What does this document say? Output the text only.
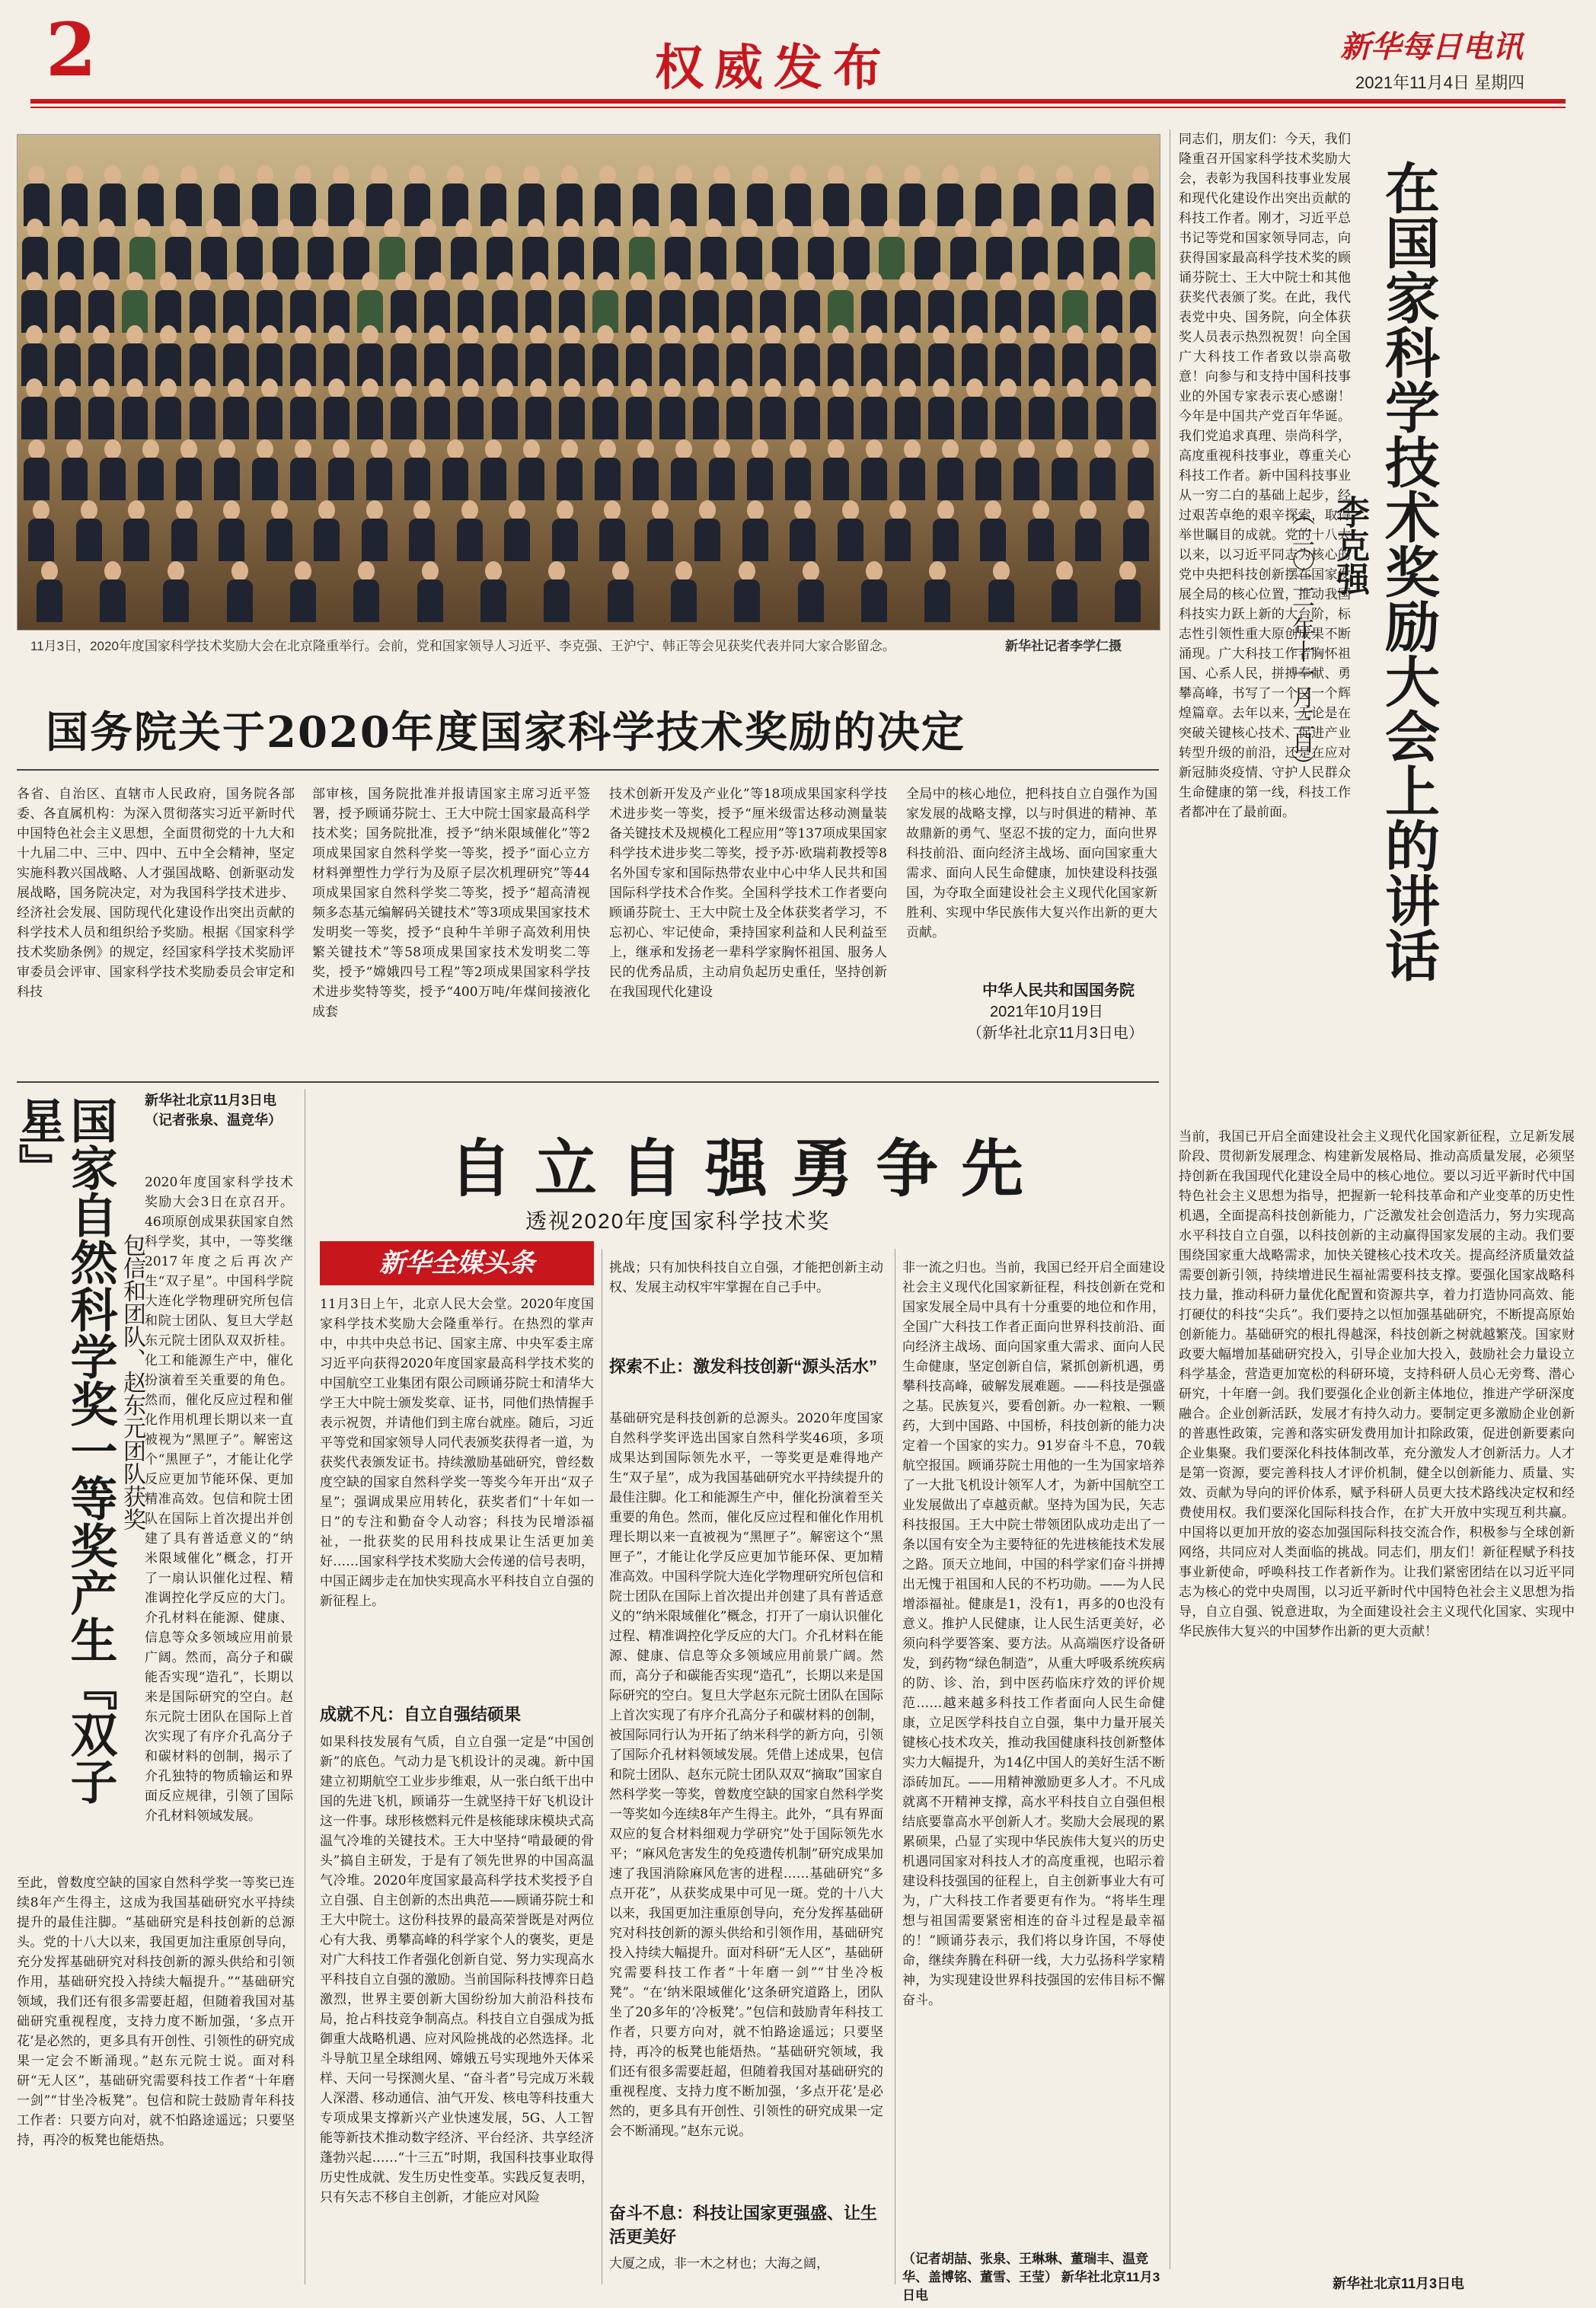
2	权威发布	新华每日电讯
2021年11月4日 星期四
11月3日，2020年度国家科学技术奖励大会在北京隆重举行。会前，党和国家领导人习近平、李克强、王沪宁、韩正等会见获奖代表并同大家合影留念。	新华社记者李学仁摄
同志们，朋友们：今天，我们隆重召开国家科学技术奖励大会，表彰为我国科技事业发展和现代化建设作出突出贡献的科技工作者。刚才，习近平总书记等党和国家领导同志，向获得国家最高科学技术奖的顾诵芬院士、王大中院士和其他获奖代表颁了奖。在此，我代表党中央、国务院，向全体获奖人员表示热烈祝贺！向全国广大科技工作者致以崇高敬意！向参与和支持中国科技事业的外国专家表示衷心感谢！今年是中国共产党百年华诞。我们党追求真理、崇尚科学，高度重视科技事业，尊重关心科技工作者。新中国科技事业从一穷二白的基础上起步，经过艰苦卓绝的艰辛探索，取得举世瞩目的成就。党的十八大以来，以习近平同志为核心的党中央把科技创新摆在国家发展全局的核心位置，推动我国科技实力跃上新的大台阶，标志性引领性重大原创成果不断涌现。广大科技工作者胸怀祖国、心系人民，拼搏奉献、勇攀高峰，书写了一个又一个辉煌篇章。去年以来，无论是在突破关键核心技术、促进产业转型升级的前沿，还是在应对新冠肺炎疫情、守护人民群众生命健康的第一线，科技工作者都冲在了最前面。	在国家科学技术奖励大会上的讲话
李克强
（二〇二一年十一月三日）
当前，我国已开启全面建设社会主义现代化国家新征程，立足新发展阶段、贯彻新发展理念、构建新发展格局、推动高质量发展，必须坚持创新在我国现代化建设全局中的核心地位。要以习近平新时代中国特色社会主义思想为指导，把握新一轮科技革命和产业变革的历史性机遇，全面提高科技创新能力，广泛激发社会创造活力，努力实现高水平科技自立自强，以科技创新的主动赢得国家发展的主动。我们要围绕国家重大战略需求，加快关键核心技术攻关。提高经济质量效益需要创新引领，持续增进民生福祉需要科技支撑。要强化国家战略科技力量，推动科研力量优化配置和资源共享，着力打造协同高效、能打硬仗的科技“尖兵”。我们要持之以恒加强基础研究，不断提高原始创新能力。基础研究的根扎得越深，科技创新之树就越繁茂。国家财政要大幅增加基础研究投入，引导企业加大投入，鼓励社会力量设立科学基金，营造更加宽松的科研环境，支持科研人员心无旁骛、潜心研究，十年磨一剑。我们要强化企业创新主体地位，推进产学研深度融合。企业创新活跃，发展才有持久动力。要制定更多激励企业创新的普惠性政策，完善和落实研发费用加计扣除政策，促进创新要素向企业集聚。我们要深化科技体制改革，充分激发人才创新活力。人才是第一资源，要完善科技人才评价机制，健全以创新能力、质量、实效、贡献为导向的评价体系，赋予科研人员更大技术路线决定权和经费使用权。我们要深化国际科技合作，在扩大开放中实现互利共赢。中国将以更加开放的姿态加强国际科技交流合作，积极参与全球创新网络，共同应对人类面临的挑战。同志们，朋友们！新征程赋予科技事业新使命，呼唤科技工作者新作为。让我们紧密团结在以习近平同志为核心的党中央周围，以习近平新时代中国特色社会主义思想为指导，自立自强、锐意进取，为全面建设社会主义现代化国家、实现中华民族伟大复兴的中国梦作出新的更大贡献！
新华社北京11月3日电
国务院关于2020年度国家科学技术奖励的决定
各省、自治区、直辖市人民政府，国务院各部委、各直属机构：为深入贯彻落实习近平新时代中国特色社会主义思想，全面贯彻党的十九大和十九届二中、三中、四中、五中全会精神，坚定实施科教兴国战略、人才强国战略、创新驱动发展战略，国务院决定，对为我国科学技术进步、经济社会发展、国防现代化建设作出突出贡献的科学技术人员和组织给予奖励。根据《国家科学技术奖励条例》的规定，经国家科学技术奖励评审委员会评审、国家科学技术奖励委员会审定和科技
部审核，国务院批准并报请国家主席习近平签署，授予顾诵芬院士、王大中院士国家最高科学技术奖；国务院批准，授予“纳米限域催化”等2项成果国家自然科学奖一等奖，授予“面心立方材料弹塑性力学行为及原子层次机理研究”等44项成果国家自然科学奖二等奖，授予“超高清视频多态基元编解码关键技术”等3项成果国家技术发明奖一等奖，授予“良种牛羊卵子高效利用快繁关键技术”等58项成果国家技术发明奖二等奖，授予“嫦娥四号工程”等2项成果国家科学技术进步奖特等奖，授予“400万吨/年煤间接液化成套
技术创新开发及产业化”等18项成果国家科学技术进步奖一等奖，授予“厘米级雷达移动测量装备关键技术及规模化工程应用”等137项成果国家科学技术进步奖二等奖，授予苏·欧瑞莉教授等8名外国专家和国际热带农业中心中华人民共和国国际科学技术合作奖。全国科学技术工作者要向顾诵芬院士、王大中院士及全体获奖者学习，不忘初心、牢记使命，秉持国家利益和人民利益至上，继承和发扬老一辈科学家胸怀祖国、服务人民的优秀品质，主动肩负起历史重任，坚持创新在我国现代化建设
全局中的核心地位，把科技自立自强作为国家发展的战略支撑，以与时俱进的精神、革故鼎新的勇气、坚忍不拔的定力，面向世界科技前沿、面向经济主战场、面向国家重大需求、面向人民生命健康，加快建设科技强国，为夺取全面建设社会主义现代化国家新胜利、实现中华民族伟大复兴作出新的更大贡献。
中华人民共和国国务院
2021年10月19日
（新华社北京11月3日电）
国家自然科学奖一等奖产生『双子星』
包信和团队、赵东元团队获奖
新华社北京11月3日电（记者张泉、温竞华）
2020年度国家科学技术奖励大会3日在京召开。46项原创成果获国家自然科学奖，其中，一等奖继2017年度之后再次产生“双子星”。中国科学院大连化学物理研究所包信和院士团队、复旦大学赵东元院士团队双双折桂。化工和能源生产中，催化扮演着至关重要的角色。然而，催化反应过程和催化作用机理长期以来一直被视为“黑匣子”。解密这个“黑匣子”，才能让化学反应更加节能环保、更加精准高效。包信和院士团队在国际上首次提出并创建了具有普适意义的“纳米限域催化”概念，打开了一扇认识催化过程、精准调控化学反应的大门。介孔材料在能源、健康、信息等众多领域应用前景广阔。然而，高分子和碳能否实现“造孔”，长期以来是国际研究的空白。赵东元院士团队在国际上首次实现了有序介孔高分子和碳材料的创制，揭示了介孔独特的物质输运和界面反应规律，引领了国际介孔材料领域发展。
至此，曾数度空缺的国家自然科学奖一等奖已连续8年产生得主，这成为我国基础研究水平持续提升的最佳注脚。“基础研究是科技创新的总源头。党的十八大以来，我国更加注重原创导向，充分发挥基础研究对科技创新的源头供给和引领作用，基础研究投入持续大幅提升。”“基础研究领域，我们还有很多需要赶超，但随着我国对基础研究重视程度，支持力度不断加强，‘多点开花’是必然的，更多具有开创性、引领性的研究成果一定会不断涌现。”赵东元院士说。面对科研“无人区”，基础研究需要科技工作者“十年磨一剑”“甘坐冷板凳”。包信和院士鼓励青年科技工作者：只要方向对，就不怕路途遥远；只要坚持，再冷的板凳也能焐热。
自立自强勇争先
透视2020年度国家科学技术奖
新华全媒头条
11月3日上午，北京人民大会堂。2020年度国家科学技术奖励大会隆重举行。在热烈的掌声中，中共中央总书记、国家主席、中央军委主席习近平向获得2020年度国家最高科学技术奖的中国航空工业集团有限公司顾诵芬院士和清华大学王大中院士颁发奖章、证书，同他们热情握手表示祝贺，并请他们到主席台就座。随后，习近平等党和国家领导人同代表颁奖获得者一道，为获奖代表颁发证书。持续激励基础研究，曾经数度空缺的国家自然科学奖一等奖今年开出“双子星”；强调成果应用转化，获奖者们“十年如一日”的专注和勤奋令人动容；科技为民增添福祉，一批获奖的民用科技成果让生活更加美好……国家科学技术奖励大会传递的信号表明，中国正阔步走在加快实现高水平科技自立自强的新征程上。
成就不凡：自立自强结硕果
如果科技发展有气质，自立自强一定是“中国创新”的底色。气动力是飞机设计的灵魂。新中国建立初期航空工业步步维艰，从一张白纸干出中国的先进飞机，顾诵芬一生就坚持干好飞机设计这一件事。球形核燃料元件是核能球床模块式高温气冷堆的关键技术。王大中坚持“啃最硬的骨头”搞自主研发，于是有了领先世界的中国高温气冷堆。2020年度国家最高科学技术奖授予自立自强、自主创新的杰出典范——顾诵芬院士和王大中院士。这份科技界的最高荣誉既是对两位心有大我、勇攀高峰的科学家个人的褒奖，更是对广大科技工作者强化创新自觉、努力实现高水平科技自立自强的激励。当前国际科技博弈日趋激烈，世界主要创新大国纷纷加大前沿科技布局，抢占科技竞争制高点。科技自立自强成为抵御重大战略机遇、应对风险挑战的必然选择。北斗导航卫星全球组网、嫦娥五号实现地外天体采样、天问一号探测火星、“奋斗者”号完成万米载人深潜、移动通信、油气开发、核电等科技重大专项成果支撑新兴产业快速发展，5G、人工智能等新技术推动数字经济、平台经济、共享经济蓬勃兴起……“十三五”时期，我国科技事业取得历史性成就、发生历史性变革。实践反复表明，只有矢志不移自主创新，才能应对风险
挑战；只有加快科技自立自强，才能把创新主动权、发展主动权牢牢掌握在自己手中。
探索不止：激发科技创新“源头活水”
基础研究是科技创新的总源头。2020年度国家自然科学奖评选出国家自然科学奖46项，多项成果达到国际领先水平，一等奖更是难得地产生“双子星”，成为我国基础研究水平持续提升的最佳注脚。化工和能源生产中，催化扮演着至关重要的角色。然而，催化反应过程和催化作用机理长期以来一直被视为“黑匣子”。解密这个“黑匣子”，才能让化学反应更加节能环保、更加精准高效。中国科学院大连化学物理研究所包信和院士团队在国际上首次提出并创建了具有普适意义的“纳米限域催化”概念，打开了一扇认识催化过程、精准调控化学反应的大门。介孔材料在能源、健康、信息等众多领域应用前景广阔。然而，高分子和碳能否实现“造孔”，长期以来是国际研究的空白。复旦大学赵东元院士团队在国际上首次实现了有序介孔高分子和碳材料的创制，被国际同行认为开拓了纳米科学的新方向，引领了国际介孔材料领域发展。凭借上述成果，包信和院士团队、赵东元院士团队双双“摘取”国家自然科学奖一等奖，曾数度空缺的国家自然科学奖一等奖如今连续8年产生得主。此外，“具有界面双应的复合材料细观力学研究”处于国际领先水平；“麻风危害发生的免疫遗传机制”研究成果加速了我国消除麻风危害的进程……基础研究“多点开花”，从获奖成果中可见一斑。党的十八大以来，我国更加注重原创导向，充分发挥基础研究对科技创新的源头供给和引领作用，基础研究投入持续大幅提升。面对科研“无人区”，基础研究需要科技工作者“十年磨一剑”“甘坐冷板凳”。“在‘纳米限域催化’这条研究道路上，团队坐了20多年的‘冷板凳’。”包信和鼓励青年科技工作者，只要方向对，就不怕路途遥远；只要坚持，再冷的板凳也能焐热。“基础研究领域，我们还有很多需要赶超，但随着我国对基础研究的重视程度、支持力度不断加强，‘多点开花’是必然的，更多具有开创性、引领性的研究成果一定会不断涌现。”赵东元说。
奋斗不息：科技让国家更强盛、让生活更美好
大厦之成，非一木之材也；大海之阔，
非一流之归也。当前，我国已经开启全面建设社会主义现代化国家新征程，科技创新在党和国家发展全局中具有十分重要的地位和作用，全国广大科技工作者正面向世界科技前沿、面向经济主战场、面向国家重大需求、面向人民生命健康，坚定创新自信，紧抓创新机遇，勇攀科技高峰，破解发展难题。——科技是强盛之基。民族复兴，要看创新。办一粒粮、一颗药，大到中国路、中国桥，科技创新的能力决定着一个国家的实力。91岁奋斗不息，70载航空报国。顾诵芬院士用他的一生为国家培养了一大批飞机设计领军人才，为新中国航空工业发展做出了卓越贡献。坚持为国为民，矢志科技报国。王大中院士带领团队成功走出了一条以国有安全为主要特征的先进核能技术发展之路。顶天立地间，中国的科学家们奋斗拼搏出无愧于祖国和人民的不朽功勋。——为人民增添福祉。健康是1，没有1，再多的0也没有意义。推护人民健康，让人民生活更美好，必须向科学要答案、要方法。从高端医疗设备研发，到药物“绿色制造”，从重大呼吸系统疾病的防、诊、治，到中医药临床疗效的评价规范……越来越多科技工作者面向人民生命健康，立足医学科技自立自强，集中力量开展关键核心技术攻关，推动我国健康科技创新整体实力大幅提升，为14亿中国人的美好生活不断添砖加瓦。——用精神激励更多人才。不凡成就离不开精神支撑，高水平科技自立自强但根结底要靠高水平创新人才。奖励大会展现的累累硕果，凸显了实现中华民族伟大复兴的历史机遇同国家对科技人才的高度重视，也昭示着建设科技强国的征程上，自主创新事业大有可为，广大科技工作者要更有作为。“将毕生理想与祖国需要紧密相连的奋斗过程是最幸福的！”顾诵芬表示，我们将以身许国，不辱使命，继续奔腾在科研一线，大力弘扬科学家精神，为实现建设世界科技强国的宏伟目标不懈奋斗。
（记者胡喆、张泉、王琳琳、董瑞丰、温竞华、盖博铭、董雪、王莹） 新华社北京11月3日电
